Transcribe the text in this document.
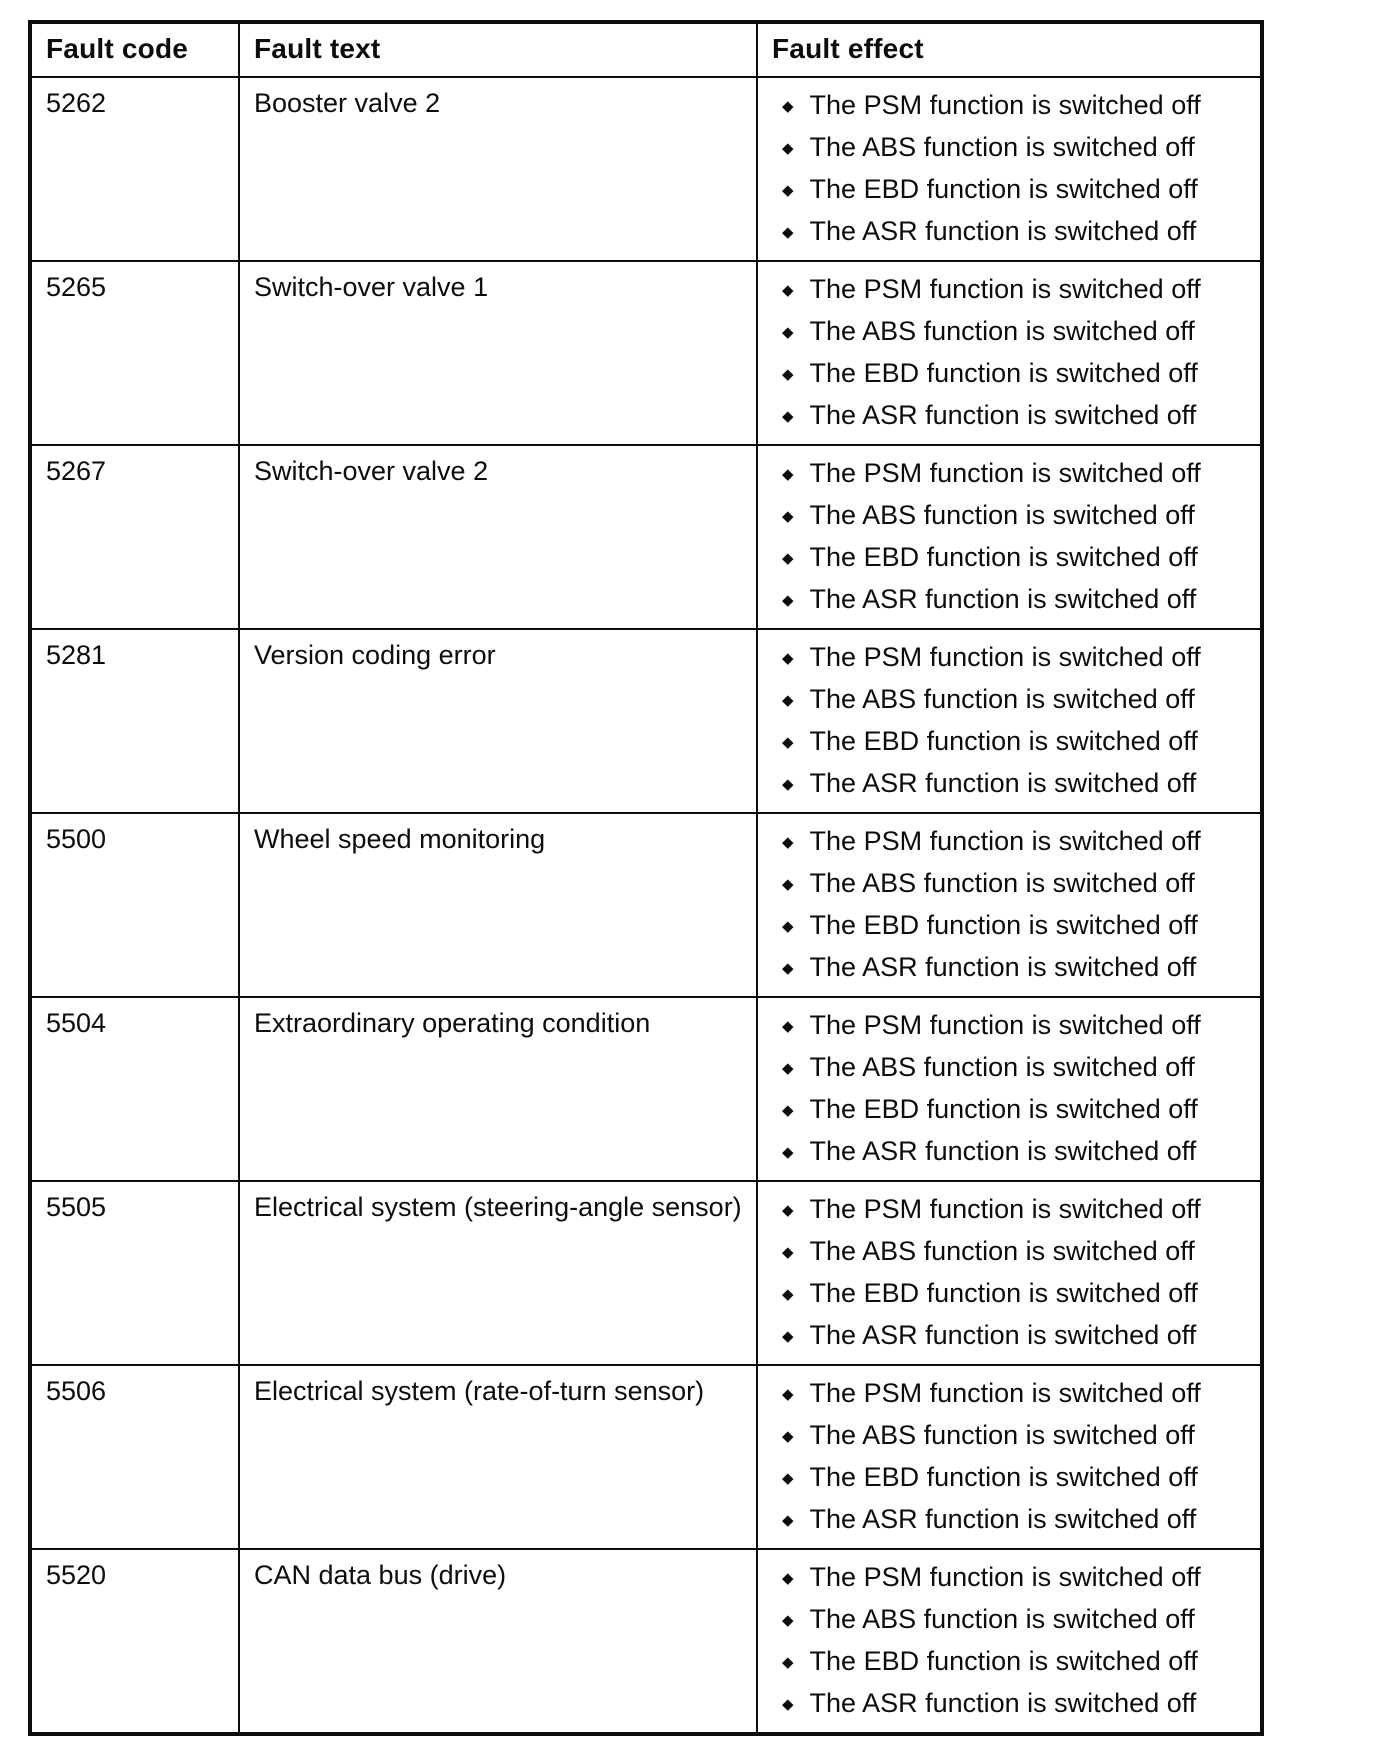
Fault code	Fault text	Fault effect
5262	Booster valve 2	◆ The PSM function is switched off
◆ The ABS function is switched off
◆ The EBD function is switched off
◆ The ASR function is switched off

5265	Switch-over valve 1	◆ The PSM function is switched off
◆ The ABS function is switched off
◆ The EBD function is switched off
◆ The ASR function is switched off

5267	Switch-over valve 2	◆ The PSM function is switched off
◆ The ABS function is switched off
◆ The EBD function is switched off
◆ The ASR function is switched off

5281	Version coding error	◆ The PSM function is switched off
◆ The ABS function is switched off
◆ The EBD function is switched off
◆ The ASR function is switched off

5500	Wheel speed monitoring	◆ The PSM function is switched off
◆ The ABS function is switched off
◆ The EBD function is switched off
◆ The ASR function is switched off

5504	Extraordinary operating condition	◆ The PSM function is switched off
◆ The ABS function is switched off
◆ The EBD function is switched off
◆ The ASR function is switched off

5505	Electrical system (steering-angle sensor)	◆ The PSM function is switched off
◆ The ABS function is switched off
◆ The EBD function is switched off
◆ The ASR function is switched off

5506	Electrical system (rate-of-turn sensor)	◆ The PSM function is switched off
◆ The ABS function is switched off
◆ The EBD function is switched off
◆ The ASR function is switched off

5520	CAN data bus (drive)	◆ The PSM function is switched off
◆ The ABS function is switched off
◆ The EBD function is switched off
◆ The ASR function is switched off
